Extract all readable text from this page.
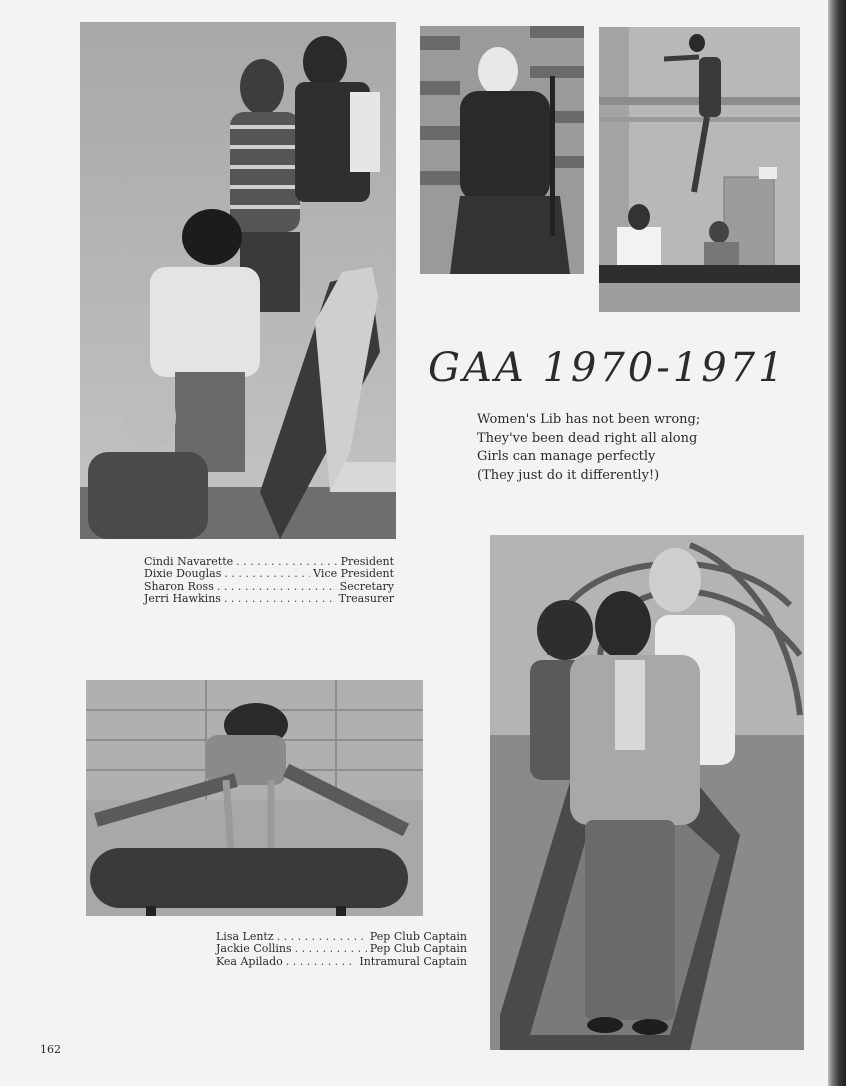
GAA 1970-1971
Women's Lib has not been wrong;
They've been dead right all along
Girls can manage perfectly
(They just do it differently!)
Cindi Navarette . . .	President
Dixie Douglas . . .	Vice President
Sharon Ross . . .	Secretary
Jerri Hawkins . . .	Treasurer
Lisa Lentz . . .	Pep Club Captain
Jackie Collins . . .	Pep Club Captain
Kea Apilado . . .	Intramural Captain
162
